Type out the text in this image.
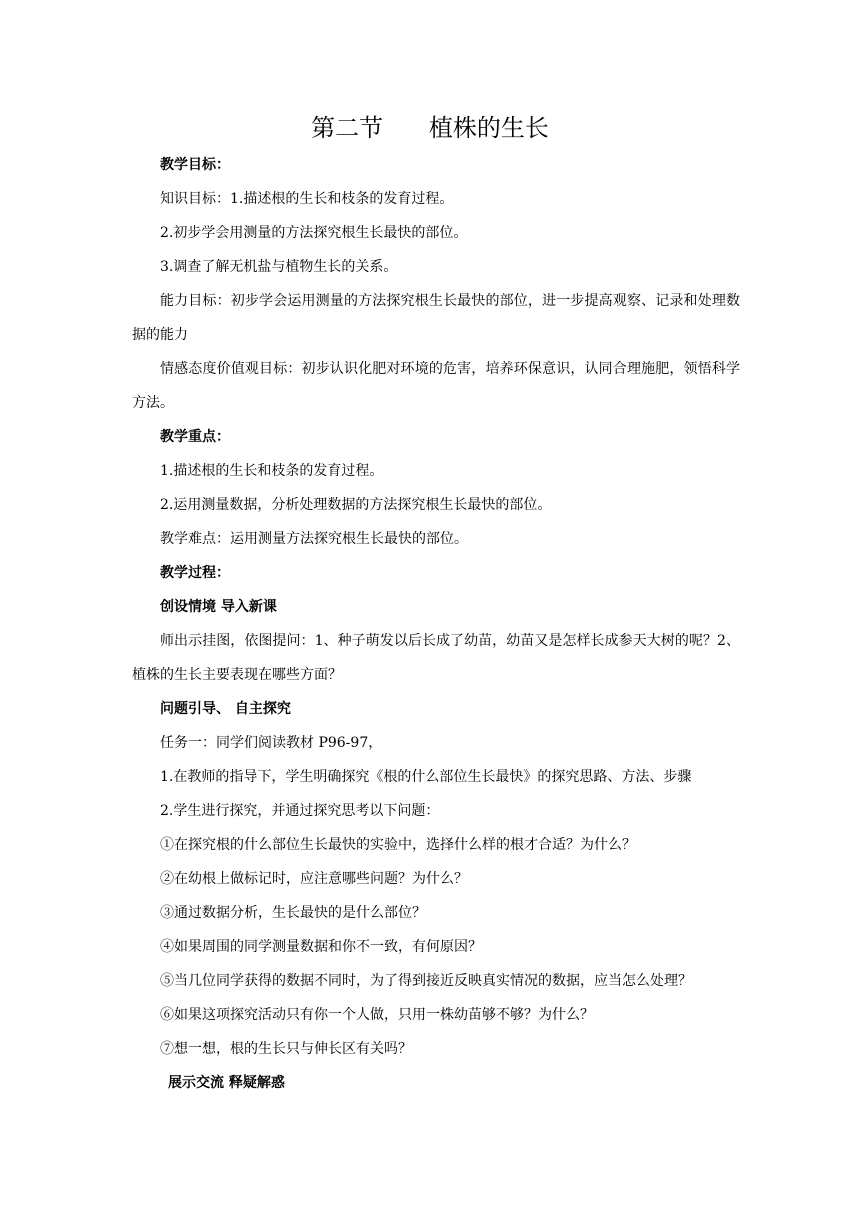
第二节      植株的生长

教学目标：

知识目标：1.描述根的生长和枝条的发育过程。

2.初步学会用测量的方法探究根生长最快的部位。

3.调查了解无机盐与植物生长的关系。

能力目标：初步学会运用测量的方法探究根生长最快的部位，进一步提高观察、记录和处理数据的能力

情感态度价值观目标：初步认识化肥对环境的危害，培养环保意识，认同合理施肥，领悟科学方法。

教学重点：

1.描述根的生长和枝条的发育过程。

2.运用测量数据，分析处理数据的方法探究根生长最快的部位。

教学难点：运用测量方法探究根生长最快的部位。

教学过程：

创设情境 导入新课

师出示挂图，依图提问：1、种子萌发以后长成了幼苗，幼苗又是怎样长成参天大树的呢？2、植株的生长主要表现在哪些方面？

问题引导、 自主探究

任务一：同学们阅读教材 P96-97，

1.在教师的指导下，学生明确探究《根的什么部位生长最快》的探究思路、方法、步骤

2.学生进行探究，并通过探究思考以下问题：

①在探究根的什么部位生长最快的实验中，选择什么样的根才合适？为什么？

②在幼根上做标记时，应注意哪些问题？为什么？

③通过数据分析，生长最快的是什么部位？

④如果周围的同学测量数据和你不一致，有何原因？

⑤当几位同学获得的数据不同时，为了得到接近反映真实情况的数据，应当怎么处理？

⑥如果这项探究活动只有你一个人做，只用一株幼苗够不够？为什么？

⑦想一想，根的生长只与伸长区有关吗？

展示交流 释疑解惑
